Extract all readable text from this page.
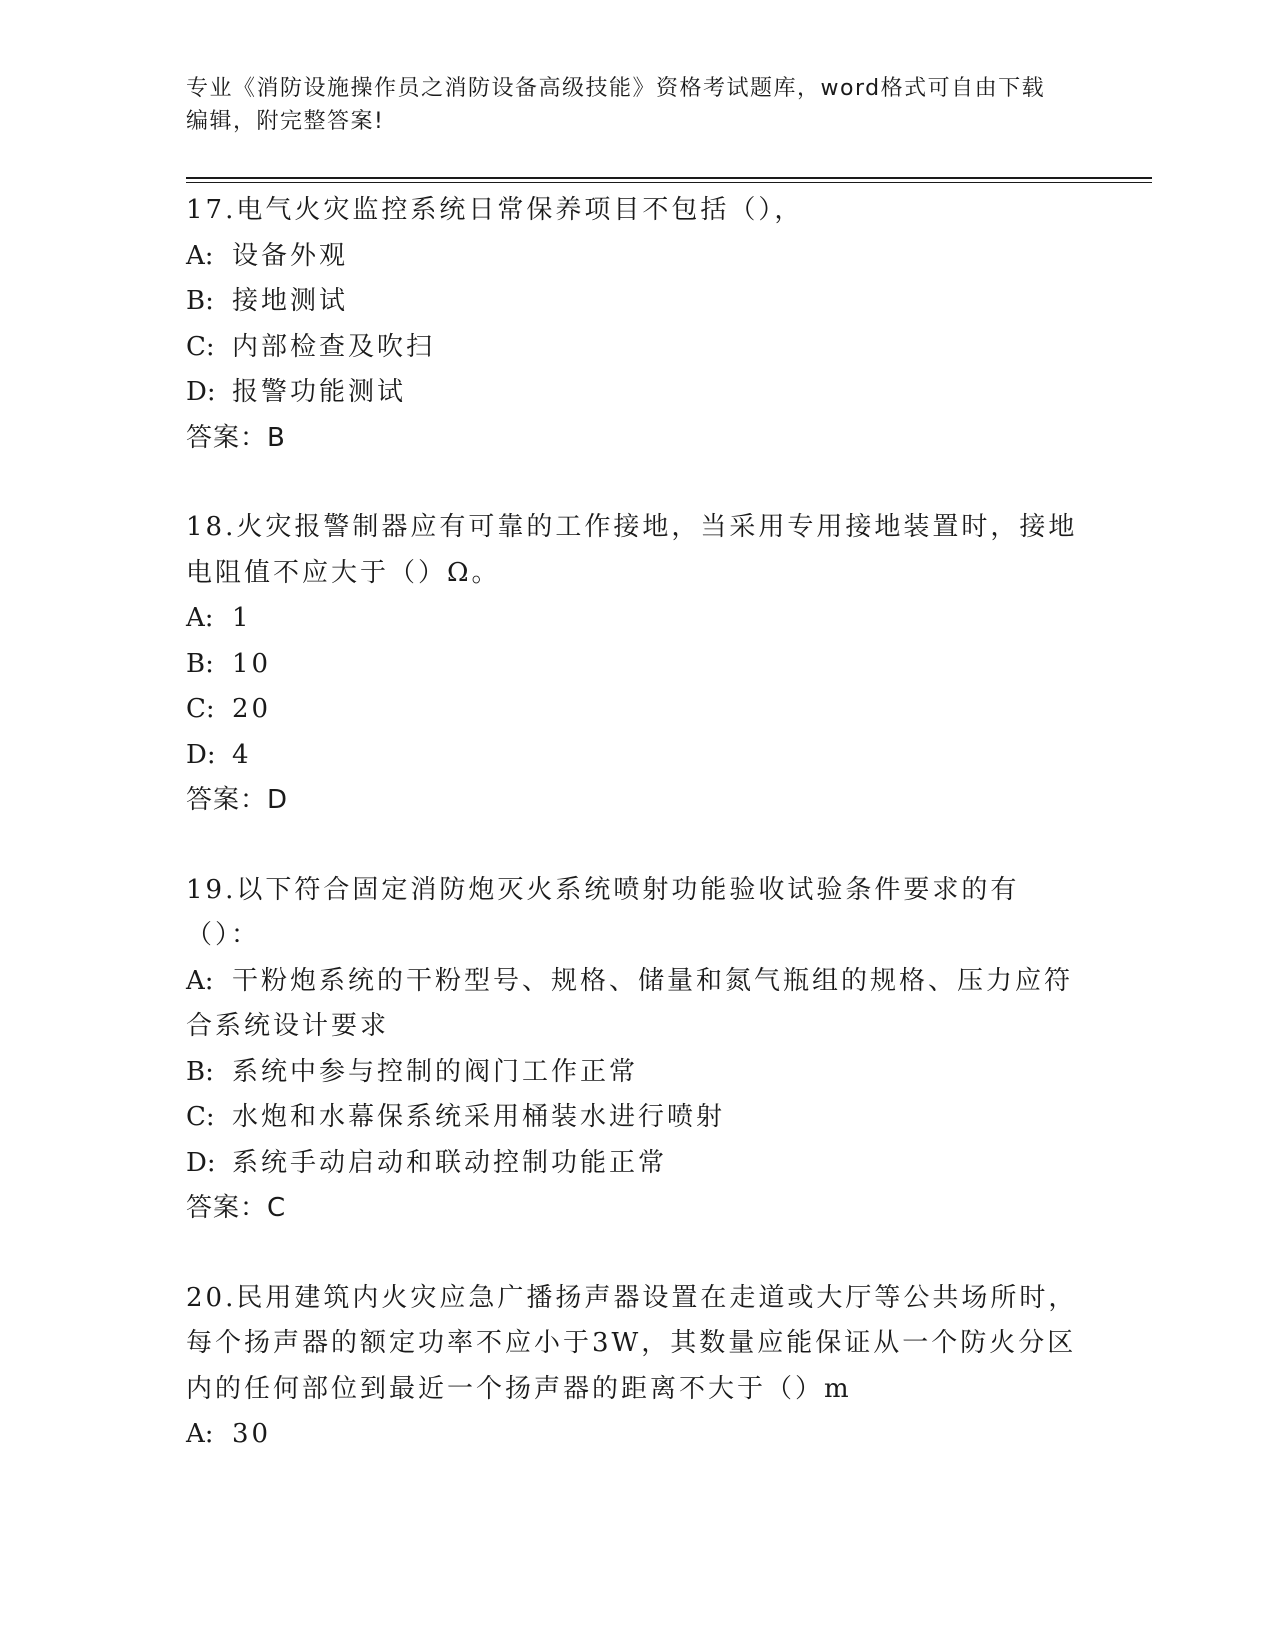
专业《消防设施操作员之消防设备高级技能》资格考试题库，word格式可自由下载编辑，附完整答案!
17.电气火灾监控系统日常保养项目不包括（），
A: 设备外观
B: 接地测试
C: 内部检查及吹扫
D: 报警功能测试
答案：B
18.火灾报警制器应有可靠的工作接地，当采用专用接地装置时，接地电阻值不应大于（）Ω。
A: 1
B: 10
C: 20
D: 4
答案：D
19.以下符合固定消防炮灭火系统喷射功能验收试验条件要求的有（）：
A: 干粉炮系统的干粉型号、规格、储量和氮气瓶组的规格、压力应符合系统设计要求
B: 系统中参与控制的阀门工作正常
C: 水炮和水幕保系统采用桶装水进行喷射
D: 系统手动启动和联动控制功能正常
答案：C
20.民用建筑内火灾应急广播扬声器设置在走道或大厅等公共场所时，每个扬声器的额定功率不应小于3W，其数量应能保证从一个防火分区内的任何部位到最近一个扬声器的距离不大于（）m
A: 30
